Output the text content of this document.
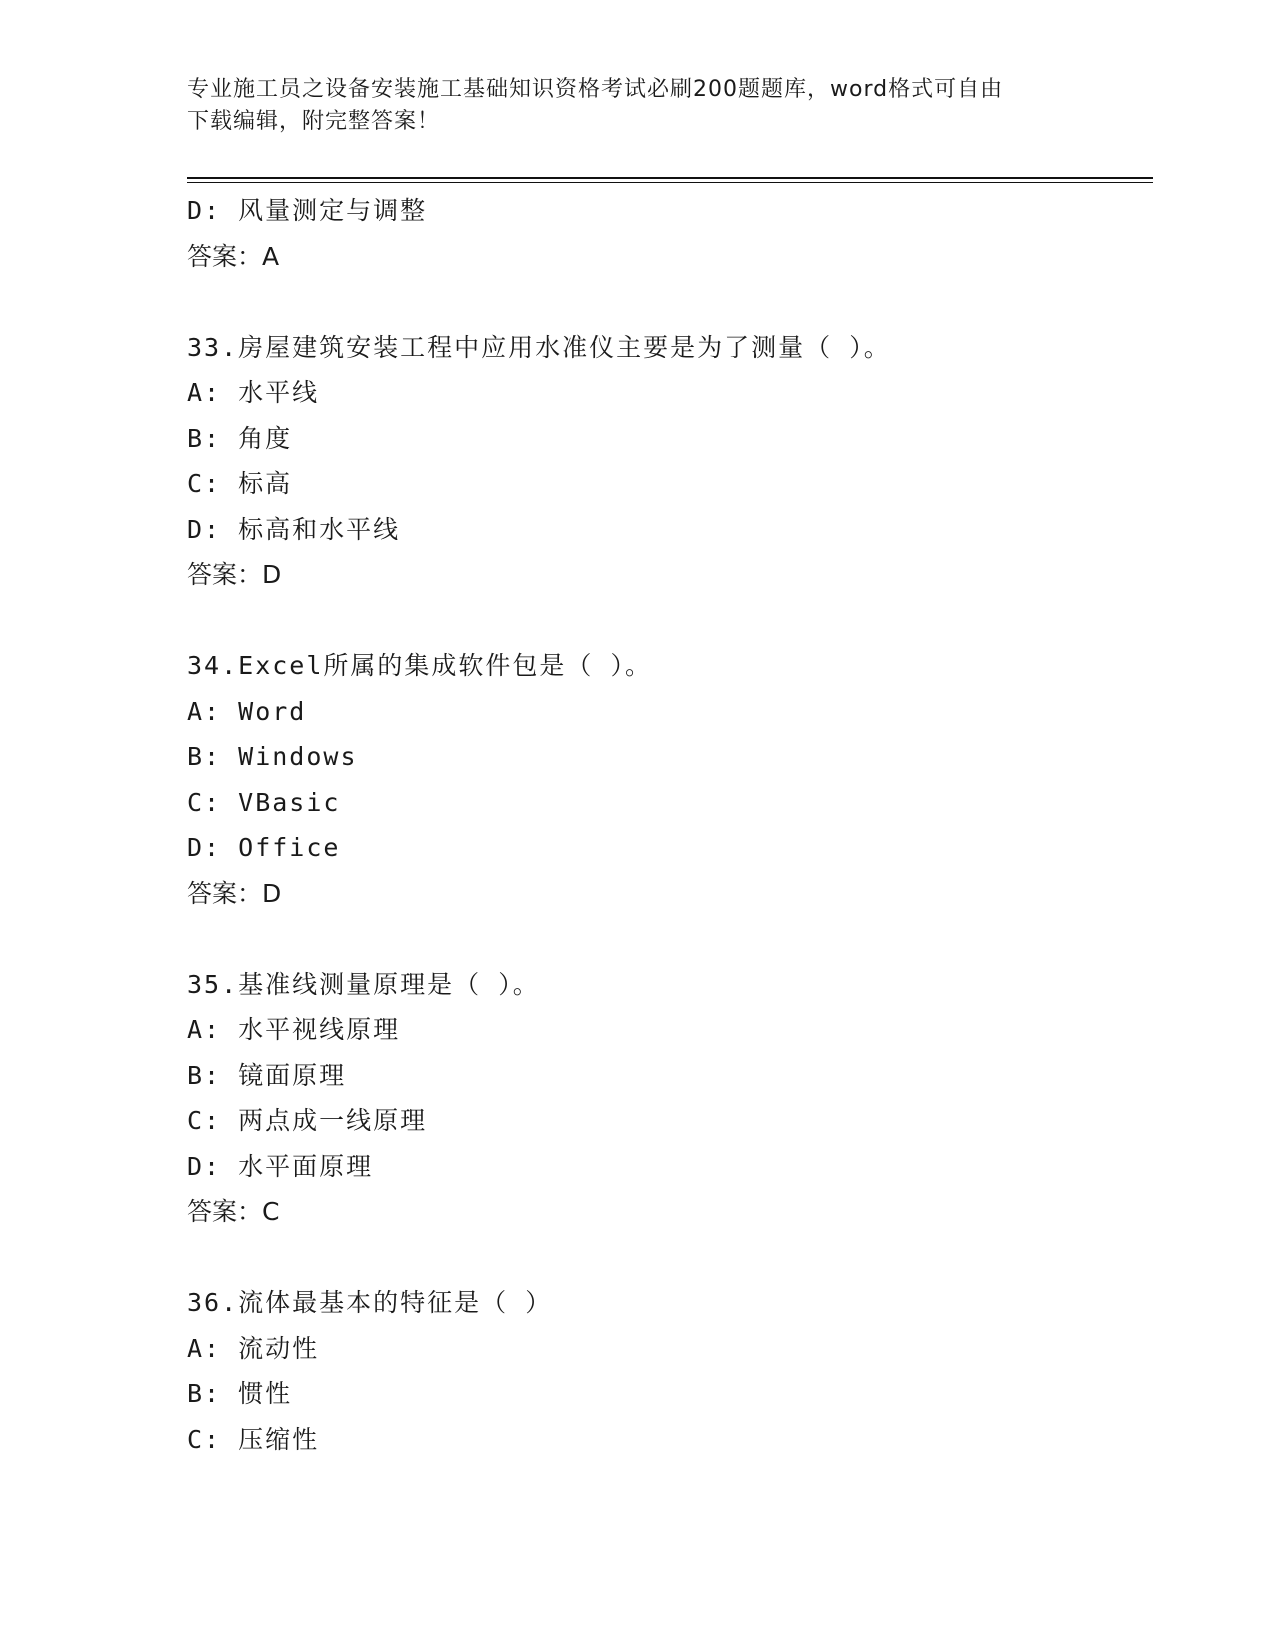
专业施工员之设备安装施工基础知识资格考试必刷200题题库，word格式可自由
下载编辑，附完整答案！
D: 风量测定与调整
答案：A
33.房屋建筑安装工程中应用水准仪主要是为了测量（ ）。
A: 水平线
B: 角度
C: 标高
D: 标高和水平线
答案：D
34.Excel所属的集成软件包是（ ）。
A: Word
B: Windows
C: VBasic
D: Office
答案：D
35.基准线测量原理是（ ）。
A: 水平视线原理
B: 镜面原理
C: 两点成一线原理
D: 水平面原理
答案：C
36.流体最基本的特征是（ ）
A: 流动性
B: 惯性
C: 压缩性
